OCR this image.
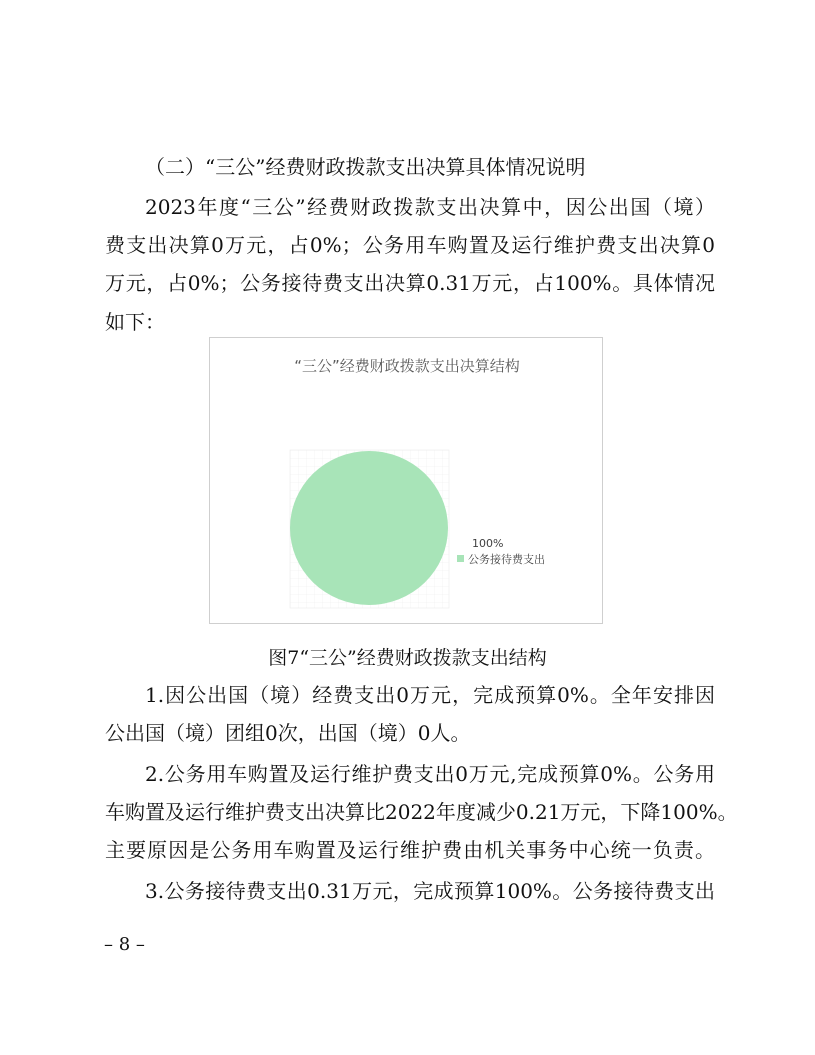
（二）“三公”经费财政拨款支出决算具体情况说明
2023年度“三公”经费财政拨款支出决算中，因公出国（境）
费支出决算0万元，占0%；公务用车购置及运行维护费支出决算0
万元，占0%；公务接待费支出决算0.31万元，占100%。具体情况
如下：
“三公”经费财政拨款支出决算结构
100%
公务接待费支出
图7“三公”经费财政拨款支出结构
1.因公出国（境）经费支出0万元，完成预算0%。全年安排因
公出国（境）团组0次，出国（境）0人。
2.公务用车购置及运行维护费支出0万元,完成预算0%。公务用
车购置及运行维护费支出决算比2022年度减少0.21万元，下降100%。
主要原因是公务用车购置及运行维护费由机关事务中心统一负责。
3.公务接待费支出0.31万元，完成预算100%。公务接待费支出
– 8 –
